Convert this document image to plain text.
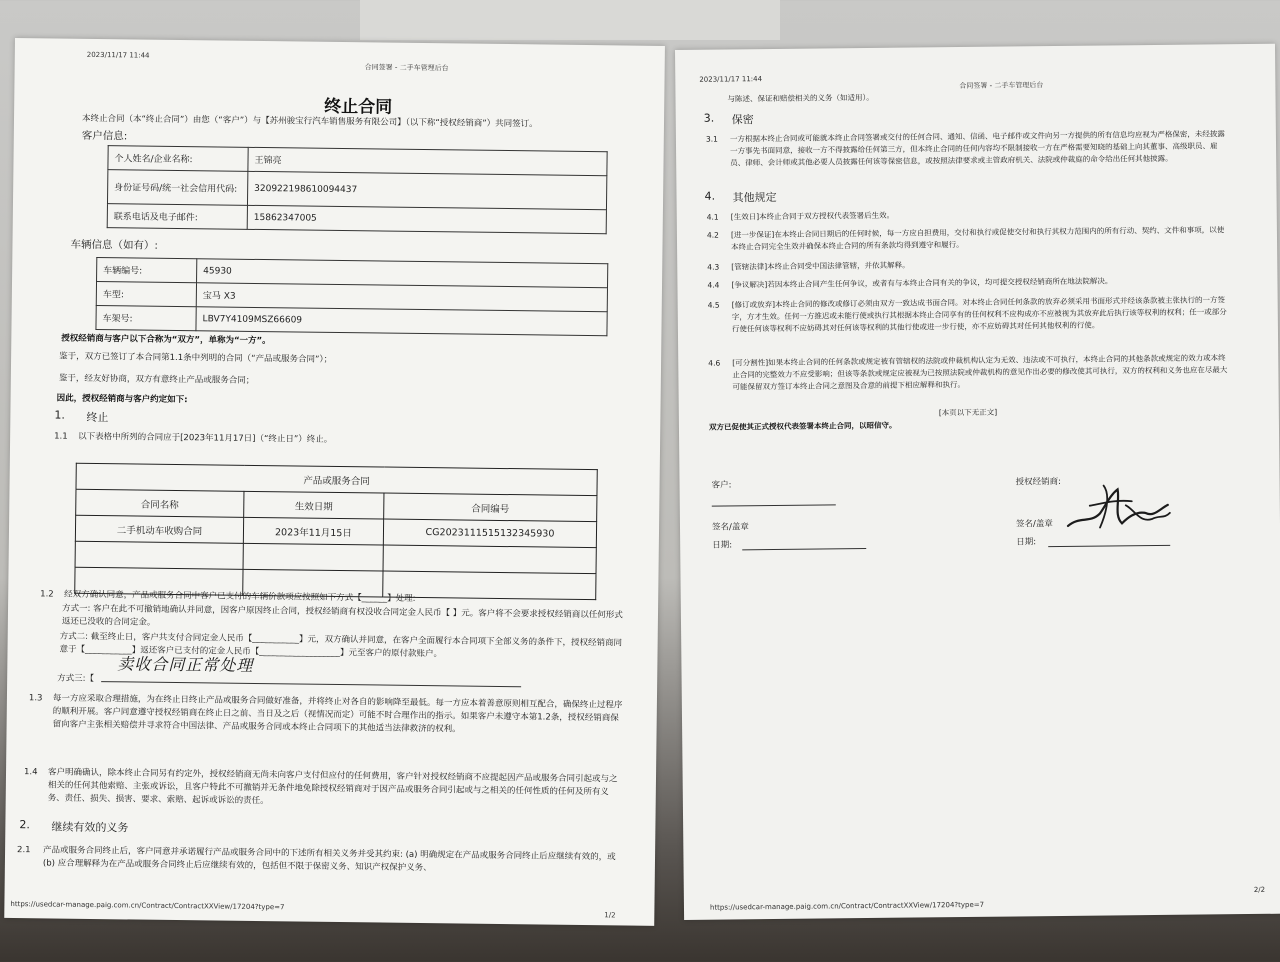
2023/11/17 11:44
合同签署 - 二手车管理后台
终止合同
本终止合同（本“终止合同”）由您（“客户”）与【苏州骏宝行汽车销售服务有限公司】（以下称“授权经销商”）共同签订。
客户信息:
个人姓名/企业名称:	王锦亮
身份证号码/统一社会信用代码:	320922198610094437
联系电话及电子邮件:	15862347005
车辆信息（如有）:
车辆编号:	45930
车型:	宝马 X3
车架号:	LBV7Y4109MSZ66609
授权经销商与客户以下合称为“双方”，单称为“一方”。
鉴于，双方已签订了本合同第1.1条中列明的合同（“产品或服务合同”）；
鉴于，经友好协商，双方有意终止产品或服务合同；
因此，授权经销商与客户约定如下:
1. 终止
1.1 以下表格中所列的合同应于[2023年11月17日]（“终止日”）终止。
产品或服务合同		
合同名称	生效日期	合同编号
二手机动车收购合同	2023年11月15日	CG2023111515132345930

1.2 经双方确认同意，产品或服务合同中客户已支付的车辆价款项应按照如下方式【______】处理:
方式一: 客户在此不可撤销地确认并同意，因客户原因终止合同，授权经销商有权没收合同定金人民币【 】元。客户将不会要求授权经销商以任何形式返还已没收的合同定金。
方式二: 截至终止日，客户共支付合同定金人民币【___________】元，双方确认并同意，在客户全面履行本合同项下全部义务的条件下，授权经销商同意于【___________】返还客户已支付的定金人民币【___________________】元至客户的原付款账户。
方式三:【
卖收合同正常处理
1.3 每一方应采取合理措施，为在终止日终止产品或服务合同做好准备，并将终止对各自的影响降至最低。每一方应本着善意原则相互配合，确保终止过程序的顺利开展。客户同意遵守授权经销商在终止日之前、当日及之后（视情况而定）可能不时合理作出的指示。如果客户未遵守本第1.2条，授权经销商保留向客户主张相关赔偿并寻求符合中国法律、产品或服务合同或本终止合同项下的其他适当法律救济的权利。
1.4 客户明确确认，除本终止合同另有约定外，授权经销商无尚未向客户支付但应付的任何费用，客户针对授权经销商不应提起因产品或服务合同引起或与之相关的任何其他索赔、主张或诉讼，且客户特此不可撤销并无条件地免除授权经销商对于因产品或服务合同引起或与之相关的任何性质的任何及所有义务、责任、损失、损害、要求、索赔、起诉或诉讼的责任。
2. 继续有效的义务
2.1 产品或服务合同终止后，客户同意并承诺履行产品或服务合同中的下述所有相关义务并受其约束: (a) 明确规定在产品或服务合同终止后应继续有效的，或 (b) 应合理解释为在产品或服务合同终止后应继续有效的，包括但不限于保密义务、知识产权保护义务、
https://usedcar-manage.paig.com.cn/Contract/ContractXXView/17204?type=7
1/2
2023/11/17 11:44
合同签署 - 二手车管理后台
与陈述、保证和赔偿相关的义务（如适用）。
3. 保密
3.1 一方根据本终止合同或可能就本终止合同签署或交付的任何合同、通知、信函、电子邮件或文件向另一方提供的所有信息均应视为严格保密，未经披露一方事先书面同意，接收一方不得披露给任何第三方，但本终止合同的任何内容均不限制接收一方在严格需要知晓的基础上向其董事、高级职员、雇员、律师、会计师或其他必要人员披露任何该等保密信息，或按照法律要求或主管政府机关、法院或仲裁庭的命令给出任何其他披露。
4. 其他规定
4.1 [生效日]本终止合同于双方授权代表签署后生效。
4.2 [进一步保证]在本终止合同日期后的任何时候，每一方应自担费用，交付和执行或促使交付和执行其权力范围内的所有行动、契约、文件和事项，以使本终止合同完全生效并确保本终止合同的所有条款均得到遵守和履行。
4.3 [管辖法律]本终止合同受中国法律管辖，并依其解释。
4.4 [争议解决]若因本终止合同产生任何争议，或者有与本终止合同有关的争议，均可提交授权经销商所在地法院解决。
4.5 [修订或放弃]本终止合同的修改或修订必须由双方一致达成书面合同。对本终止合同任何条款的放弃必须采用书面形式并经该条款被主张执行的一方签字，方才生效。任何一方推迟或未能行使或执行其根据本终止合同享有的任何权利不应构成亦不应被视为其放弃此后执行该等权利的权利；任一或部分行使任何该等权利不应妨碍其对任何该等权利的其他行使或进一步行使，亦不应妨碍其对任何其他权利的行使。
4.6 [可分割性]如果本终止合同的任何条款或规定被有管辖权的法院或仲裁机构认定为无效、违法或不可执行，本终止合同的其他条款或规定的效力或本终止合同的完整效力不应受影响；但该等条款或规定应被视为已按照法院或仲裁机构的意见作出必要的修改使其可执行，双方的权利和义务也应在尽最大可能保留双方签订本终止合同之意图及合意的前提下相应解释和执行。
[本页以下无正文]
双方已促使其正式授权代表签署本终止合同，以昭信守。
客户:
签名/盖章
日期:
授权经销商:
签名/盖章
日期:
https://usedcar-manage.paig.com.cn/Contract/ContractXXView/17204?type=7
2/2
